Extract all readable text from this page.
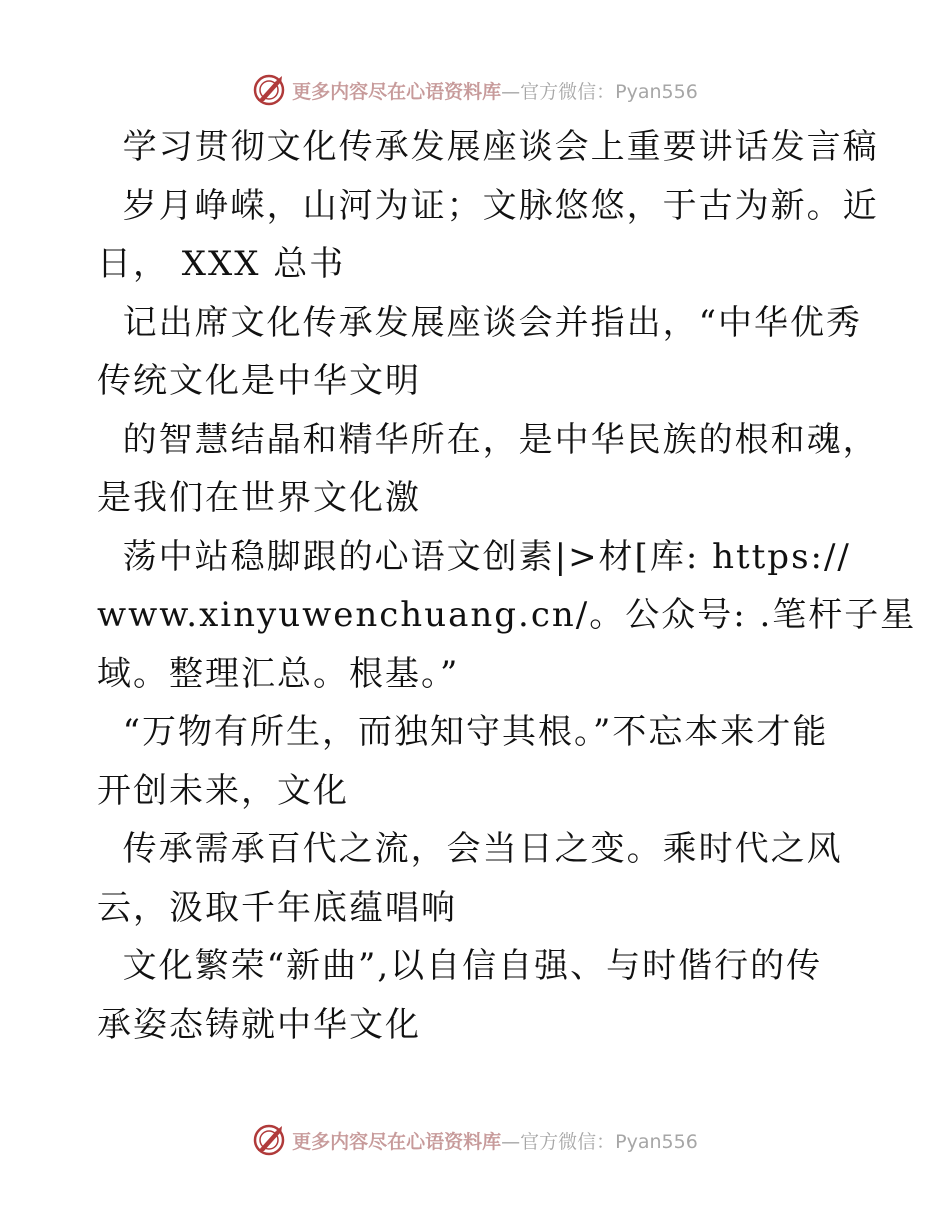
更多内容尽在心语资料库 —官方微信：Pyan556
学习贯彻文化传承发展座谈会上重要讲话发言稿
岁月峥嵘，山河为证；文脉悠悠，于古为新。近
日， XXX 总书
记出席文化传承发展座谈会并指出，“中华优秀
传统文化是中华文明
的智慧结晶和精华所在，是中华民族的根和魂，
是我们在世界文化激
荡中站稳脚跟的心语文创素|>材[库: https://
www.xinyuwenchuang.cn/。公众号: .笔杆子星
域。整理汇总。根基。”
“万物有所生，而独知守其根。”不忘本来才能
开创未来，文化
传承需承百代之流，会当日之变。乘时代之风
云，汲取千年底蕴唱响
文化繁荣“新曲”,以自信自强、与时偕行的传
承姿态铸就中华文化
更多内容尽在心语资料库 —官方微信：Pyan556
